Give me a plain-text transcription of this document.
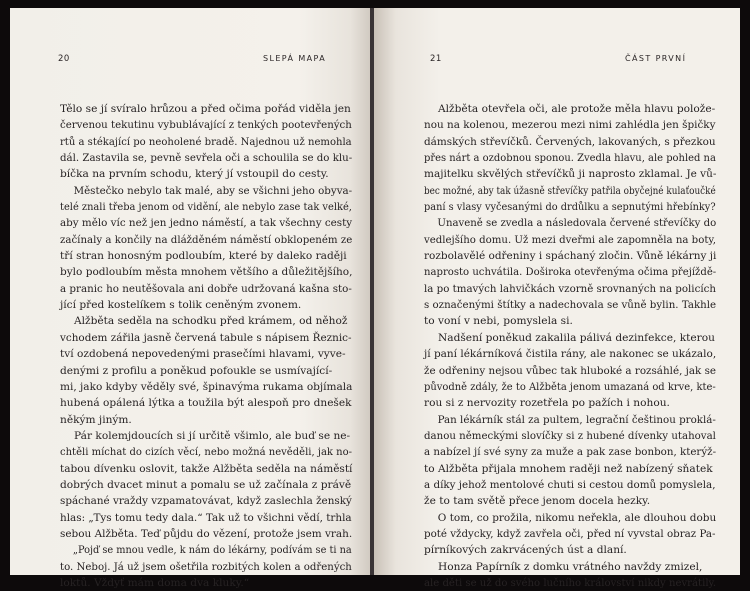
20	SLEPÁ MAPA
Tělo se jí svíralo hrůzou a před očima pořád viděla jen
červenou tekutinu vybublávající z tenkých pootevřených
rtů a stékající po neoholené bradě. Najednou už nemohla
dál. Zastavila se, pevně sevřela oči a schoulila se do klu-
bíčka na prvním schodu, který jí vstoupil do cesty.
Městečko nebylo tak malé, aby se všichni jeho obyva-
telé znali třeba jenom od vidění, ale nebylo zase tak velké,
aby mělo víc než jen jedno náměstí, a tak všechny cesty
začínaly a končily na dlážděném náměstí obklopeném ze
tří stran honosným podloubím, které by daleko raději
bylo podloubím města mnohem většího a důležitějšího,
a pranic ho neutěšovala ani dobře udržovaná kašna sto-
jící před kostelíkem s tolik ceněným zvonem.
Alžběta seděla na schodku před krámem, od něhož
vchodem zářila jasně červená tabule s nápisem Řeznic-
tví ozdobená nepovedenými prasečími hlavami, vyve-
denými z profilu a poněkud pofoukle se usmívající-
mi, jako kdyby věděly své, špinavýma rukama objímala
hubená opálená lýtka a toužila být alespoň pro dnešek
někým jiným.
Pár kolemjdoucích si jí určitě všimlo, ale buď se ne-
chtěli míchat do cizích věcí, nebo možná nevěděli, jak no-
tabou dívenku oslovit, takže Alžběta seděla na náměstí
dobrých dvacet minut a pomalu se už začínala z právě
spáchané vraždy vzpamatovávat, když zaslechla ženský
hlas: „Tys tomu tedy dala.“ Tak už to všichni vědí, trhla
sebou Alžběta. Teď půjdu do vězení, protože jsem vrah.
„Pojď se mnou vedle, k nám do lékárny, podívám se ti na
to. Neboj. Já už jsem ošetřila rozbitých kolen a odřených
loktů. Vždyť mám doma dva kluky.“
21	ČÁST PRVNÍ
Alžběta otevřela oči, ale protože měla hlavu polože-
nou na kolenou, mezerou mezi nimi zahlédla jen špičky
dámských střevíčků. Červených, lakovaných, s přezkou
přes nárt a ozdobnou sponou. Zvedla hlavu, ale pohled na
majitelku skvělých střevíčků ji naprosto zklamal. Je vů-
bec možné, aby tak úžasně střevíčky patřila obyčejné kulaťoučké
paní s vlasy vyčesanými do drdůlku a sepnutými hřebínky?
Unaveně se zvedla a následovala červené střevíčky do
vedlejšího domu. Už mezi dveřmi ale zapomněla na boty,
rozbolavělé odřeniny i spáchaný zločin. Vůně lékárny ji
naprosto uchvátila. Doširoka otevřenýma očima přejíždě-
la po tmavých lahvičkách vzorně srovnaných na policích
s označenými štítky a nadechovala se vůně bylin. Takhle
to voní v nebi, pomyslela si.
Nadšení poněkud zakalila pálivá dezinfekce, kterou
jí paní lékárníková čistila rány, ale nakonec se ukázalo,
že odřeniny nejsou vůbec tak hluboké a rozsáhlé, jak se
původně zdály, že to Alžběta jenom umazaná od krve, kte-
rou si z nervozity rozetřela po pažích i nohou.
Pan lékárník stál za pultem, legrační češtinou proklá-
danou německými slovíčky si z hubené dívenky utahoval
a nabízel jí své syny za muže a pak zase bonbon, kterýž-
to Alžběta přijala mnohem raději než nabízený sňatek
a díky jehož mentolové chuti si cestou domů pomyslela,
že to tam světě přece jenom docela hezky.
O tom, co prožila, nikomu neřekla, ale dlouhou dobu
poté vždycky, když zavřela oči, před ní vyvstal obraz Pa-
pírníkových zakrvácených úst a dlaní.
Honza Papírník z domku vrátného navždy zmizel,
ale děti se už do svého lučního království nikdy nevrátily.
